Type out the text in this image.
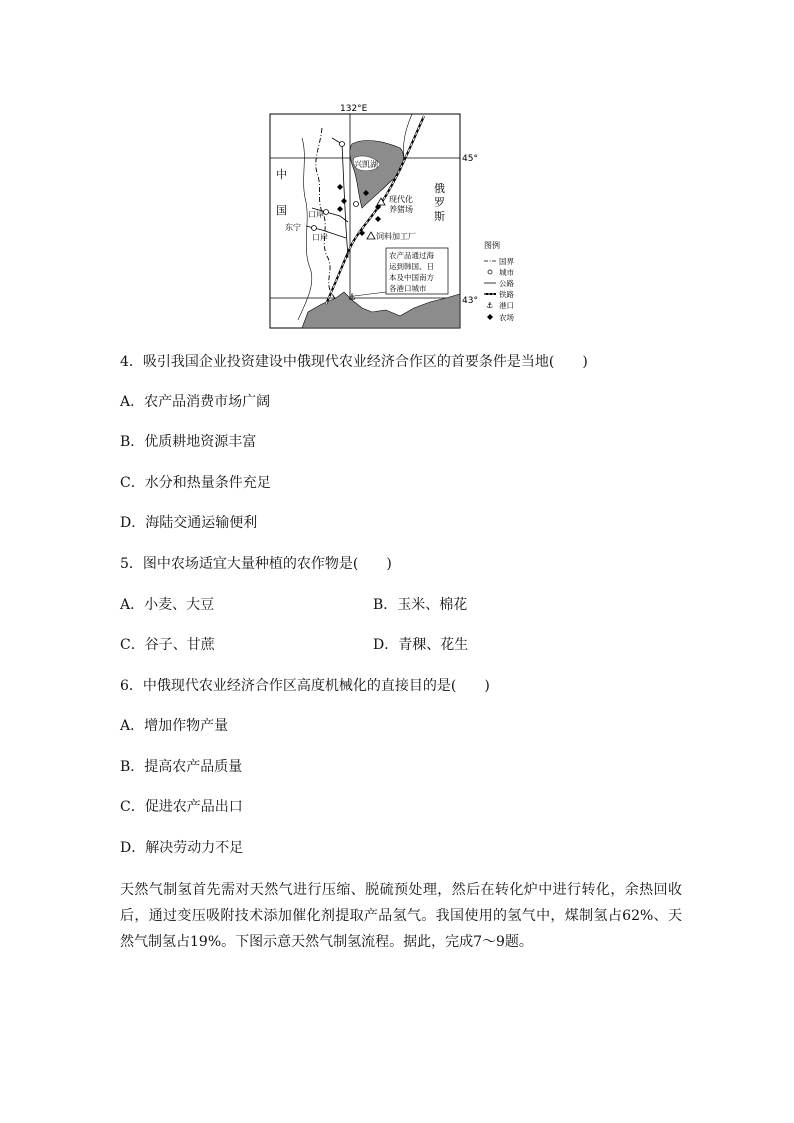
132°E
45°
43°
⚓
兴凯湖
中
国
俄
罗
斯
口岸
东宁
口岸
现代化
养猪场
饲料加工厂
农产品通过海
运到韩国、日
本及中国南方
各港口城市
图例
国界
城市
公路
铁路
⚓ 港口
农场
4．吸引我国企业投资建设中俄现代农业经济合作区的首要条件是当地(　　)
A．农产品消费市场广阔
B．优质耕地资源丰富
C．水分和热量条件充足
D．海陆交通运输便利
5．图中农场适宜大量种植的农作物是(　　)
A．小麦、大豆	B．玉米、棉花
C．谷子、甘蔗	D．青稞、花生
6．中俄现代农业经济合作区高度机械化的直接目的是(　　)
A．增加作物产量
B．提高农产品质量
C．促进农产品出口
D．解决劳动力不足

天然气制氢首先需对天然气进行压缩、脱硫预处理，然后在转化炉中进行转化，余热回收后，通过变压吸附技术添加催化剂提取产品氢气。我国使用的氢气中，煤制氢占62%、天然气制氢占19%。下图示意天然气制氢流程。据此，完成7～9题。
